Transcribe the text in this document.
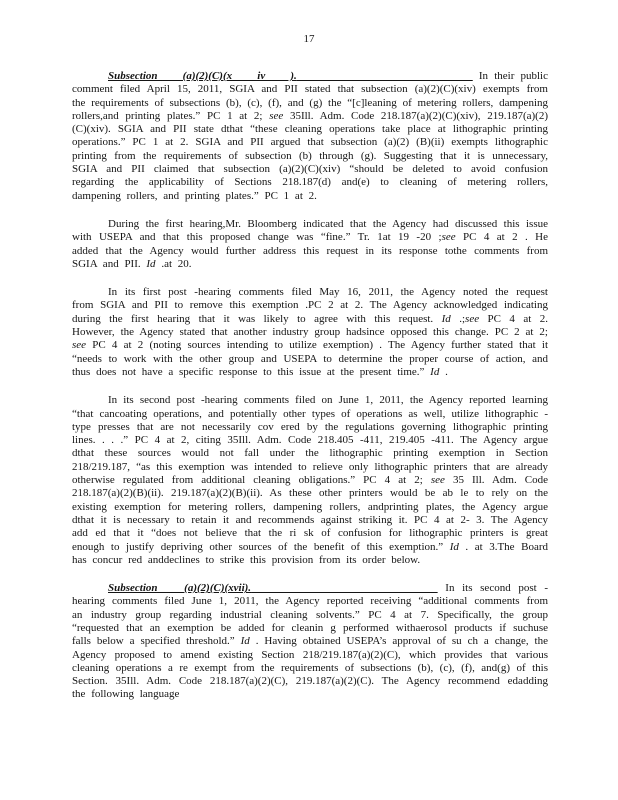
17

Subsection (a)(2)(C)(x iv ).	In their public comment filed April 15, 2011, SGIA and PII stated that subsection (a)(2)(C)(xiv) exempts from the requirements of subsections (b), (c), (f), and (g) the “[c]leaning of metering rollers, dampening rollers,and printing plates.” PC 1 at 2; see 35Ill. Adm. Code 218.187(a)(2)(C)(xiv), 219.187(a)(2)(C)(xiv). SGIA and PII state dthat “these cleaning operations take place at lithographic printing operations.” PC 1 at 2. SGIA and PII argued that subsection (a)(2) (B)(ii) exempts lithographic printing from the requirements of subsection (b) through (g). Suggesting that it is unnecessary, SGIA and PII claimed that subsection (a)(2)(C)(xiv) “should be deleted to avoid confusion regarding the applicability of Sections 218.187(d) and(e) to cleaning of metering rollers, dampening rollers, and printing plates.” PC 1 at 2.

During the first hearing,Mr. Bloomberg indicated that the Agency had discussed this issue with USEPA and that this proposed change was “fine.” Tr. 1at 19 -20 ;see PC 4 at 2 . He added that the Agency would further address this request in its response tothe comments from SGIA and PII. Id .at 20.

In its first post -hearing comments filed May 16, 2011, the Agency noted the request from SGIA and PII to remove this exemption .PC 2 at 2. The Agency acknowledged indicating during the first hearing that it was likely to agree with this request. Id .;see PC 4 at 2. However, the Agency stated that another industry group hadsince opposed this change. PC 2 at 2; see PC 4 at 2 (noting sources intending to utilize exemption) . The Agency further stated that it “needs to work with the other group and USEPA to determine the proper course of action, and thus does not have a specific response to this issue at the present time.” Id .

In its second post -hearing comments filed on June 1, 2011, the Agency reported learning “that cancoating operations, and potentially other types of operations as well, utilize lithographic -type presses that are not necessarily cov ered by the regulations governing lithographic printing lines. . . .” PC 4 at 2, citing 35Ill. Adm. Code 218.405 -411, 219.405 -411. The Agency argue dthat these sources would not fall under the lithographic printing exemption in Section 218/219.187, “as this exemption was intended to relieve only lithographic printers that are already otherwise regulated from additional cleaning obligations.” PC 4 at 2; see 35 Ill. Adm. Code 218.187(a)(2)(B)(ii). 219.187(a)(2)(B)(ii). As these other printers would be ab le to rely on the existing exemption for metering rollers, dampening rollers, andprinting plates, the Agency argue dthat it is necessary to retain it and recommends against striking it. PC 4 at 2- 3. The Agency add ed that it “does not believe that the ri sk of confusion for lithographic printers is great enough to justify depriving other sources of the benefit of this exemption.” Id . at 3.The Board has concur red anddeclines to strike this provision from its order below.

Subsection (a)(2)(C)(xvii).	In its second post -hearing comments filed June 1, 2011, the Agency reported receiving “additional comments from an industry group regarding industrial cleaning solvents.” PC 4 at 7. Specifically, the group “requested that an exemption be added for cleanin g performed withaerosol products if suchuse falls below a specified threshold.” Id . Having obtained USEPA’s approval of su ch a change, the Agency proposed to amend existing Section 218/219.187(a)(2)(C), which provides that various cleaning operations a re exempt from the requirements of subsections (b), (c), (f), and(g) of this Section. 35Ill. Adm. Code 218.187(a)(2)(C), 219.187(a)(2)(C). The Agency recommend edadding the following language
